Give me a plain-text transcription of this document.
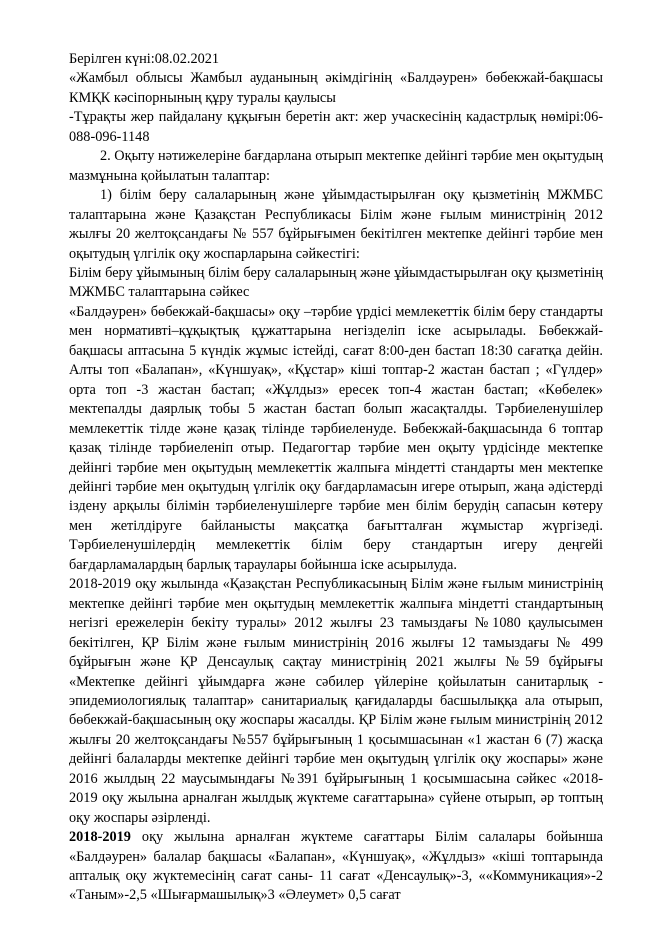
Берілген күні:08.02.2021

«Жамбыл облысы Жамбыл ауданының әкімдігінің «Балдәурен» бөбекжай-бақшасы КМҚК кәсіпорнының құру туралы қаулысы

-Тұрақты жер пайдалану құқығын беретін акт: жер учаскесінің кадастрлық нөмірі:06-088-096-1148

2. Оқыту нәтижелеріне бағдарлана отырып мектепке дейінгі тәрбие мен оқытудың мазмұнына қойылатын талаптар:

1) білім беру салаларының және ұйымдастырылған оқу қызметінің МЖМБС талаптарына және Қазақстан Республикасы Білім және ғылым министрінің 2012 жылғы 20 желтоқсандағы № 557 бұйрығымен бекітілген мектепке дейінгі тәрбие мен оқытудың үлгілік оқу жоспарларына сәйкестігі:

Білім беру ұйымының білім беру салаларының және ұйымдастырылған оқу қызметінің МЖМБС талаптарына сәйкес

«Балдәурен» бөбекжай-бақшасы» оқу –тәрбие үрдісі мемлекеттік білім беру стандарты мен нормативті–құқықтық құжаттарына негізделіп іске асырылады. Бөбекжай-бақшасы аптасына 5 күндік жұмыс істейді, сағат 8:00-ден бастап 18:30 сағатқа дейін. Алты топ «Балапан», «Күншуақ», «Құстар» кіші топтар-2 жастан бастап ; «Гүлдер» орта топ -3 жастан бастап; «Жұлдыз» ересек топ-4 жастан бастап; «Көбелек» мектепалды даярлық тобы 5 жастан бастап болып жасақталды. Тәрбиеленушілер мемлекеттік тілде және қазақ тілінде тәрбиеленуде. Бөбекжай-бақшасында 6 топтар қазақ тілінде тәрбиеленіп отыр. Педагогтар тәрбие мен оқыту үрдісінде мектепке дейінгі тәрбие мен оқытудың мемлекеттік жалпыға міндетті стандарты мен мектепке дейінгі тәрбие мен оқытудың үлгілік оқу бағдарламасын игере отырып, жаңа әдістерді іздену арқылы білімін тәрбиеленушілерге тәрбие мен білім берудің сапасын көтеру мен жетілдіруге байланысты мақсатқа бағытталған жұмыстар жүргізеді. Тәрбиеленушілердің мемлекеттік білім беру стандартын игеру деңгейі бағдарламалардың барлық тараулары бойынша іске асырылуда.

2018-2019 оқу жылында «Қазақстан Республикасының Білім және ғылым министрінің мектепке дейінгі тәрбие мен оқытудың мемлекеттік жалпыға міндетті стандартының негізгі ережелерін бекіту туралы» 2012 жылғы 23 тамыздағы №1080 қаулысымен бекітілген, ҚР Білім және ғылым министрінің 2016 жылғы 12 тамыздағы № 499 бұйрығын және ҚР Денсаулық сақтау министрінің 2021 жылғы №59 бұйрығы «Мектепке дейінгі ұйымдарға және сәбилер үйлеріне қойылатын санитарлық - эпидемиологиялық талаптар» санитариалық қағидаларды басшылыққа ала отырып, бөбекжай-бақшасының оқу жоспары жасалды. ҚР Білім және ғылым министрінің 2012 жылғы 20 желтоқсандағы №557 бұйрығының 1 қосымшасынан «1 жастан 6 (7) жасқа дейінгі балаларды мектепке дейінгі тәрбие мен оқытудың үлгілік оқу жоспары» және 2016 жылдың 22 маусымындағы №391 бұйрығының 1 қосымшасына сәйкес «2018-2019 оқу жылына арналған жылдық жүктеме сағаттарына» сүйене отырып, әр топтың оқу жоспары әзірленді.

2018-2019 оқу жылына арналған жүктеме сағаттары Білім салалары бойынша «Балдәурен» балалар бақшасы «Балапан», «Күншуақ», «Жұлдыз» «кіші топтарында апталық оқу жүктемесінің сағат саны- 11 сағат «Денсаулық»-3, ««Коммуникация»-2 «Таным»-2,5 «Шығармашылық»3 «Әлеумет» 0,5 сағат
